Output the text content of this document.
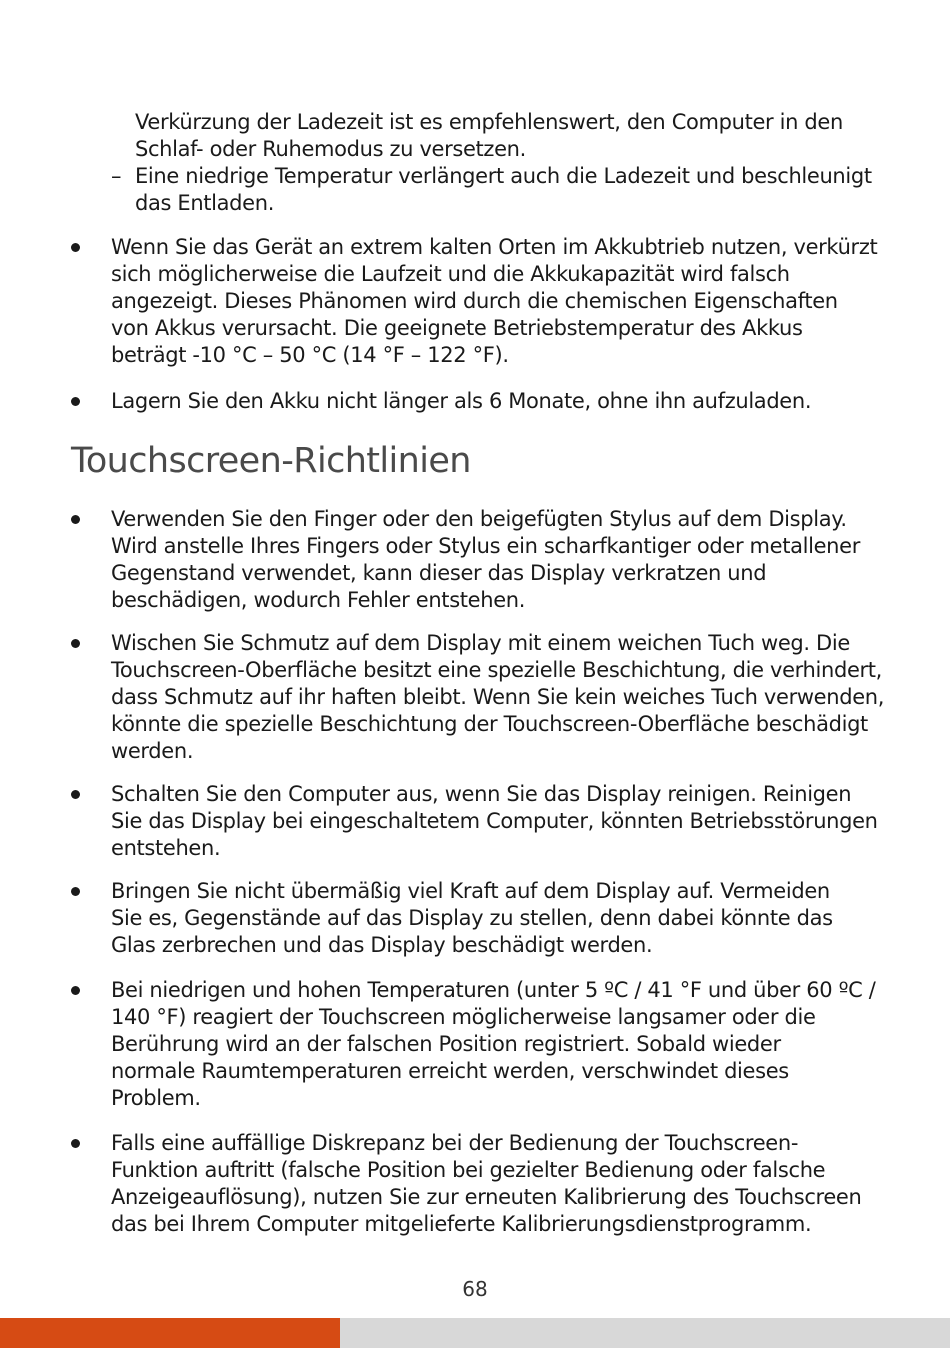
Verkürzung der Ladezeit ist es empfehlenswert, den Computer in den
Schlaf- oder Ruhemodus zu versetzen.
– Eine niedrige Temperatur verlängert auch die Ladezeit und beschleunigt
das Entladen.
Wenn Sie das Gerät an extrem kalten Orten im Akkubtrieb nutzen, verkürzt
sich möglicherweise die Laufzeit und die Akkukapazität wird falsch
angezeigt. Dieses Phänomen wird durch die chemischen Eigenschaften
von Akkus verursacht. Die geeignete Betriebstemperatur des Akkus
beträgt -10 °C – 50 °C (14 °F – 122 °F).
Lagern Sie den Akku nicht länger als 6 Monate, ohne ihn aufzuladen.
Touchscreen-Richtlinien
Verwenden Sie den Finger oder den beigefügten Stylus auf dem Display.
Wird anstelle Ihres Fingers oder Stylus ein scharfkantiger oder metallener
Gegenstand verwendet, kann dieser das Display verkratzen und
beschädigen, wodurch Fehler entstehen.
Wischen Sie Schmutz auf dem Display mit einem weichen Tuch weg. Die
Touchscreen-Oberfläche besitzt eine spezielle Beschichtung, die verhindert,
dass Schmutz auf ihr haften bleibt. Wenn Sie kein weiches Tuch verwenden,
könnte die spezielle Beschichtung der Touchscreen-Oberfläche beschädigt
werden.
Schalten Sie den Computer aus, wenn Sie das Display reinigen. Reinigen
Sie das Display bei eingeschaltetem Computer, könnten Betriebsstörungen
entstehen.
Bringen Sie nicht übermäßig viel Kraft auf dem Display auf. Vermeiden
Sie es, Gegenstände auf das Display zu stellen, denn dabei könnte das
Glas zerbrechen und das Display beschädigt werden.
Bei niedrigen und hohen Temperaturen (unter 5 ºC / 41 °F und über 60 ºC /
140 °F) reagiert der Touchscreen möglicherweise langsamer oder die
Berührung wird an der falschen Position registriert. Sobald wieder
normale Raumtemperaturen erreicht werden, verschwindet dieses
Problem.
Falls eine auffällige Diskrepanz bei der Bedienung der Touchscreen-
Funktion auftritt (falsche Position bei gezielter Bedienung oder falsche
Anzeigeauflösung), nutzen Sie zur erneuten Kalibrierung des Touchscreen
das bei Ihrem Computer mitgelieferte Kalibrierungsdienstprogramm.
68
